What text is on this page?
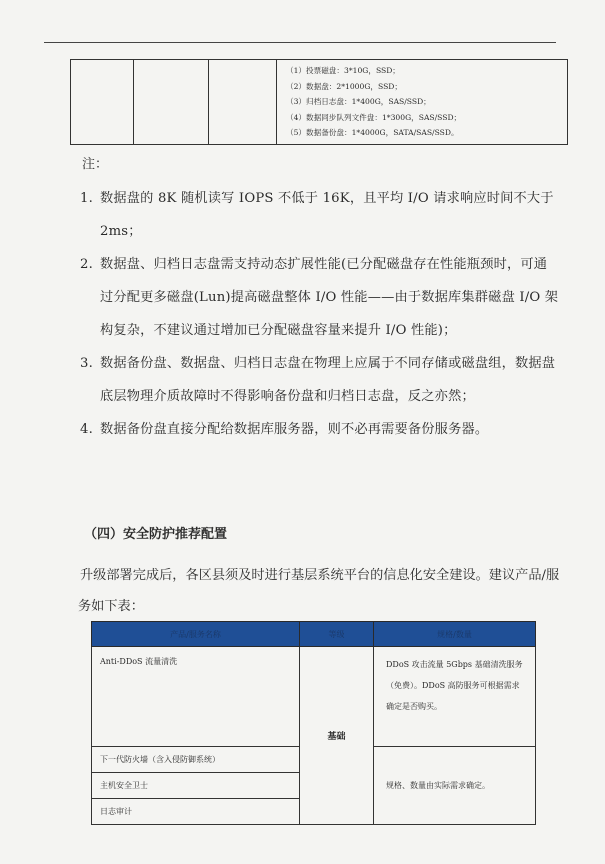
（1）投票磁盘：3*10G，SSD；
（2）数据盘：2*1000G，SSD；
（3）归档日志盘：1*400G，SAS/SSD；
（4）数据同步队列文件盘：1*300G，SAS/SSD；
（5）数据备份盘：1*4000G，SATA/SAS/SSD。
注：
1. 数据盘的 8K 随机读写 IOPS 不低于 16K，且平均 I/O 请求响应时间不大于 2ms；
2. 数据盘、归档日志盘需支持动态扩展性能(已分配磁盘存在性能瓶颈时，可通过分配更多磁盘(Lun)提高磁盘整体 I/O 性能——由于数据库集群磁盘 I/O 架构复杂，不建议通过增加已分配磁盘容量来提升 I/O 性能)；
3. 数据备份盘、数据盘、归档日志盘在物理上应属于不同存储或磁盘组，数据盘底层物理介质故障时不得影响备份盘和归档日志盘，反之亦然；
4. 数据备份盘直接分配给数据库服务器，则不必再需要备份服务器。
（四）安全防护推荐配置
升级部署完成后，各区县须及时进行基层系统平台的信息化安全建设。建议产品/服务如下表：
产品/服务名称	等级	规格/数量
Anti-DDoS 流量清洗	基础	DDoS 攻击流量 5Gbps 基础清洗服务（免费）。DDoS 高防服务可根据需求确定是否购买。
下一代防火墙（含入侵防御系统）		规格、数量由实际需求确定。
主机安全卫士		
日志审计		
